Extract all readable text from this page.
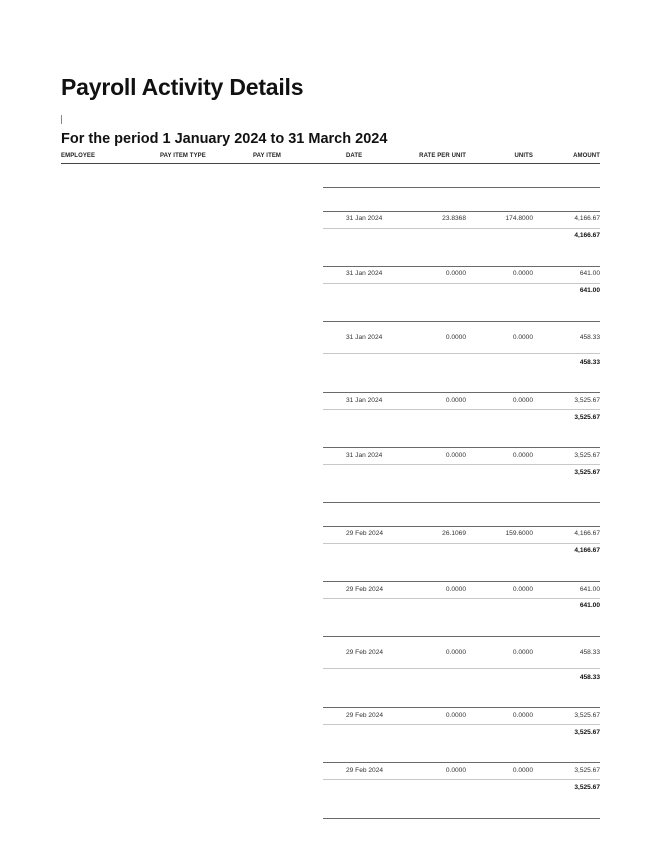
Payroll Activity Details
For the period 1 January 2024 to 31 March 2024
EMPLOYEE	PAY ITEM TYPE	PAY ITEM	DATE	RATE PER UNIT	UNITS	AMOUNT
31 Jan 2024	23.8368	174.8000	4,166.67
4,166.67
31 Jan 2024	0.0000	0.0000	641.00
641.00
31 Jan 2024	0.0000	0.0000	458.33
458.33
31 Jan 2024	0.0000	0.0000	3,525.67
3,525.67
31 Jan 2024	0.0000	0.0000	3,525.67
3,525.67
29 Feb 2024	26.1069	159.6000	4,166.67
4,166.67
29 Feb 2024	0.0000	0.0000	641.00
641.00
29 Feb 2024	0.0000	0.0000	458.33
458.33
29 Feb 2024	0.0000	0.0000	3,525.67
3,525.67
29 Feb 2024	0.0000	0.0000	3,525.67
3,525.67
